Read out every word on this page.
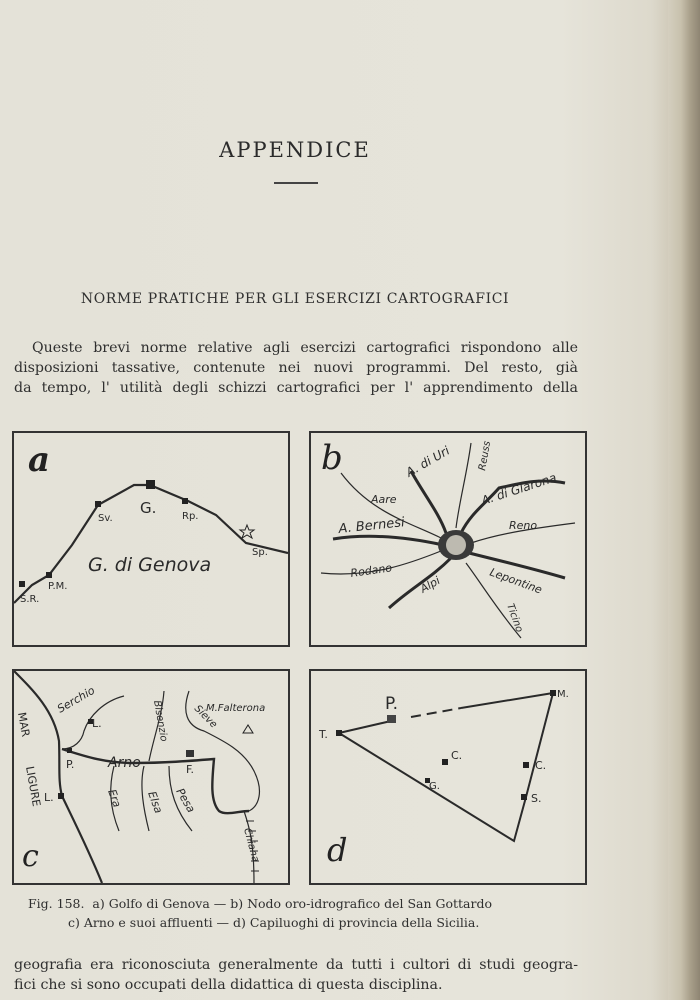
APPENDICE
NORME PRATICHE PER GLI ESERCIZI CARTOGRAFICI
Queste brevi norme relative agli esercizi cartografici rispondono alle
disposizioni tassative, contenute nei nuovi programmi. Del resto, già
da tempo, l' utilità degli schizzi cartografici per l' apprendimento della
a
G. di Genova
S.R.
P.M.
Sv.
G.	Rp.
Sp.
b	A. di Uri	Reuss
A. di Glarona
Aare
A. Bernesi	Reno
Rodano
Alpi	Lepontine
Ticino
c
MAR
LIGURE
Serchio
L.
P. Arno
Bisenzio Sieve
M.Falterona
F.
Era Elsa Pesa
Chiana
L.
d
P.	M.
T.
C.
C.
G.
S.
Fig. 158. a) Golfo di Genova — b) Nodo oro-idrografico del San Gottardo
c) Arno e suoi affluenti — d) Capiluoghi di provincia della Sicilia.
geografia era riconosciuta generalmente da tutti i cultori di studi geogra-
fici che si sono occupati della didattica di questa disciplina.
